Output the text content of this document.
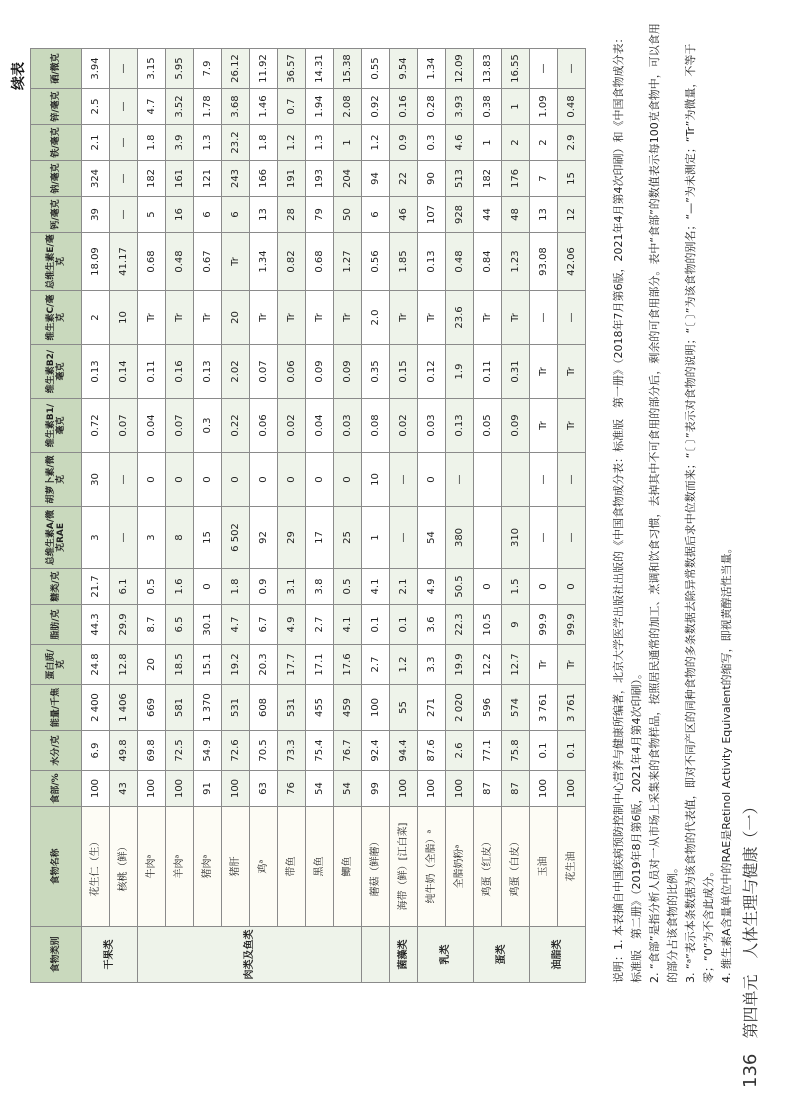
续表
食物类别	食物名称	食部/%	水分/克	能量/千焦	蛋白质/克	脂肪/克	糖类/克	总维生素A/微克RAE	胡萝卜素/微克	维生素B1/毫克	维生素B2/毫克	维生素C/毫克	总维生素E/毫克	钙/毫克	钠/毫克	铁/毫克	锌/毫克	硒/微克
干果类	花生仁（生）	100	6.9	2 400	24.8	44.3	21.7	3	30	0.72	0.13	2	18.09	39	324	2.1	2.5	3.94
	核桃（鲜）	43	49.8	1 406	12.8	29.9	6.1	—	—	0.07	0.14	10	41.17	—	—	—	—	—
肉类及鱼类	牛肉ᵃ	100	69.8	669	20	8.7	0.5	3	0	0.04	0.11	Tr	0.68	5	182	1.8	4.7	3.15
	羊肉ᵃ	100	72.5	581	18.5	6.5	1.6	8	0	0.07	0.16	Tr	0.48	16	161	3.9	3.52	5.95
	猪肉ᵃ	91	54.9	1 370	15.1	30.1	0	15	0	0.3	0.13	Tr	0.67	6	121	1.3	1.78	7.9
	猪肝	100	72.6	531	19.2	4.7	1.8	6 502	0	0.22	2.02	20	Tr	6	243	23.2	3.68	26.12
	鸡ᵃ	63	70.5	608	20.3	6.7	0.9	92	0	0.06	0.07	Tr	1.34	13	166	1.8	1.46	11.92
	带鱼	76	73.3	531	17.7	4.9	3.1	29	0	0.02	0.06	Tr	0.82	28	191	1.2	0.7	36.57
	黑鱼	54	75.4	455	17.1	2.7	3.8	17	0	0.04	0.09	Tr	0.68	79	193	1.3	1.94	14.31
	鲫鱼	54	76.7	459	17.6	4.1	0.5	25	0	0.03	0.09	Tr	1.27	50	204	1	2.08	15.38
	蘑菇（鲜蘑）	99	92.4	100	2.7	0.1	4.1	1	10	0.08	0.35	2.0	0.56	6	94	1.2	0.92	0.55
菌藻类	海带（鲜）[江白菜]	100	94.4	55	1.2	0.1	2.1	—	—	0.02	0.15	Tr	1.85	46	22	0.9	0.16	9.54
乳类	纯牛奶（全脂）ᵃ	100	87.6	271	3.3	3.6	4.9	54	0	0.03	0.12	Tr	0.13	107	90	0.3	0.28	1.34
	全脂奶粉ᵃ	100	2.6	2 020	19.9	22.3	50.5	380	—	0.13	1.9	23.6	0.48	928	513	4.6	3.93	12.09
蛋类	鸡蛋（红皮）	87	77.1	596	12.2	10.5	0			0.05	0.11	Tr	0.84	44	182	1	0.38	13.83
	鸡蛋（白皮）	87	75.8	574	12.7	9	1.5	310		0.09	0.31	Tr	1.23	48	176	2	1	16.55
油脂类	玉油	100	0.1	3 761	Tr	99.9	0	—	—	Tr	Tr	—	93.08	13	7	2	1.09	—
	花生油	100	0.1	3 761	Tr	99.9	0	—	—	Tr	Tr	—	42.06	12	15	2.9	0.48	—	说明：1. 本表摘自中国疾病预防控制中心营养与健康所编著，北京大学医学出版社出版的《中国食物成分表：标准版　第一册》（2018年7月第6版，2021年4月第4次印刷）和《中国食物成分表：标准版　第二册》（2019年8月第6版，2021年4月第4次印刷）。 2. “食部”是指分析人员对一从市场上采集来的食物样品，按照居民通常的加工、烹调和饮食习惯，去掉其中不可食用的部分后，剩余的可食用部分。表中“食部”的数值表示每100克食物中，可以食用的部分占该食物的比例。 3. “ᵃ”表示本条数据为该食物的代表值，即对不同产区的同种食物的多条数据去除异常数据后求中位数而来；“〔 〕”表示对食物的说明；“〔 〕”为该食物的别名；“—”为未测定；“Tr”为微量，不等于零；“0”为不含此成分。 4. 维生素A含量单位中的RAE是Retinol Activity Equivalent的缩写，即视黄醇活性当量。

136 第四单元　人体生理与健康（一）
